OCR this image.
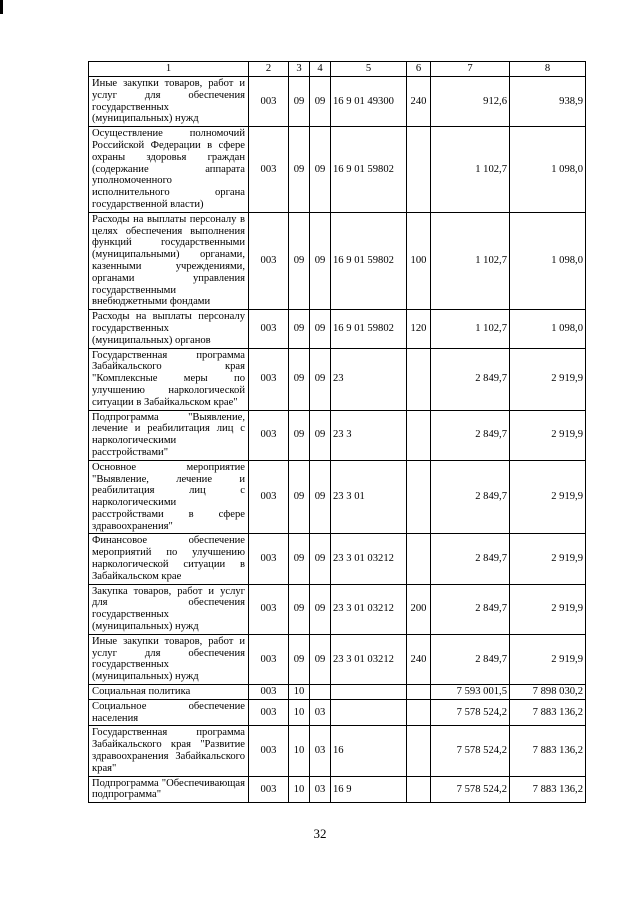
1	2	3	4	5	6	7	8
Иные закупки товаров, работ и услуг для обеспечения государственных (муниципальных) нужд	003	09	09	16 9 01 49300	240	912,6	938,9
Осуществление полномочий Российской Федерации в сфере охраны здоровья граждан (содержание аппарата уполномоченного исполнительного органа государственной власти)	003	09	09	16 9 01 59802		1 102,7	1 098,0
Расходы на выплаты персоналу в целях обеспечения выполнения функций государственными (муниципальными) органами, казенными учреждениями, органами управления государственными внебюджетными фондами	003	09	09	16 9 01 59802	100	1 102,7	1 098,0
Расходы на выплаты персоналу государственных (муниципальных) органов	003	09	09	16 9 01 59802	120	1 102,7	1 098,0
Государственная программа Забайкальского края "Комплексные меры по улучшению наркологической ситуации в Забайкальском крае"	003	09	09	23		2 849,7	2 919,9
Подпрограмма "Выявление, лечение и реабилитация лиц с наркологическими расстройствами"	003	09	09	23 3		2 849,7	2 919,9
Основное мероприятие "Выявление, лечение и реабилитация лиц с наркологическими расстройствами в сфере здравоохранения"	003	09	09	23 3 01		2 849,7	2 919,9
Финансовое обеспечение мероприятий по улучшению наркологической ситуации в Забайкальском крае	003	09	09	23 3 01 03212		2 849,7	2 919,9
Закупка товаров, работ и услуг для обеспечения государственных (муниципальных) нужд	003	09	09	23 3 01 03212	200	2 849,7	2 919,9
Иные закупки товаров, работ и услуг для обеспечения государственных (муниципальных) нужд	003	09	09	23 3 01 03212	240	2 849,7	2 919,9
Социальная политика	003	10				7 593 001,5	7 898 030,2
Социальное обеспечение населения	003	10	03			7 578 524,2	7 883 136,2
Государственная программа Забайкальского края "Развитие здравоохранения Забайкальского края"	003	10	03	16		7 578 524,2	7 883 136,2
Подпрограмма "Обеспечивающая подпрограмма"	003	10	03	16 9		7 578 524,2	7 883 136,2
32
